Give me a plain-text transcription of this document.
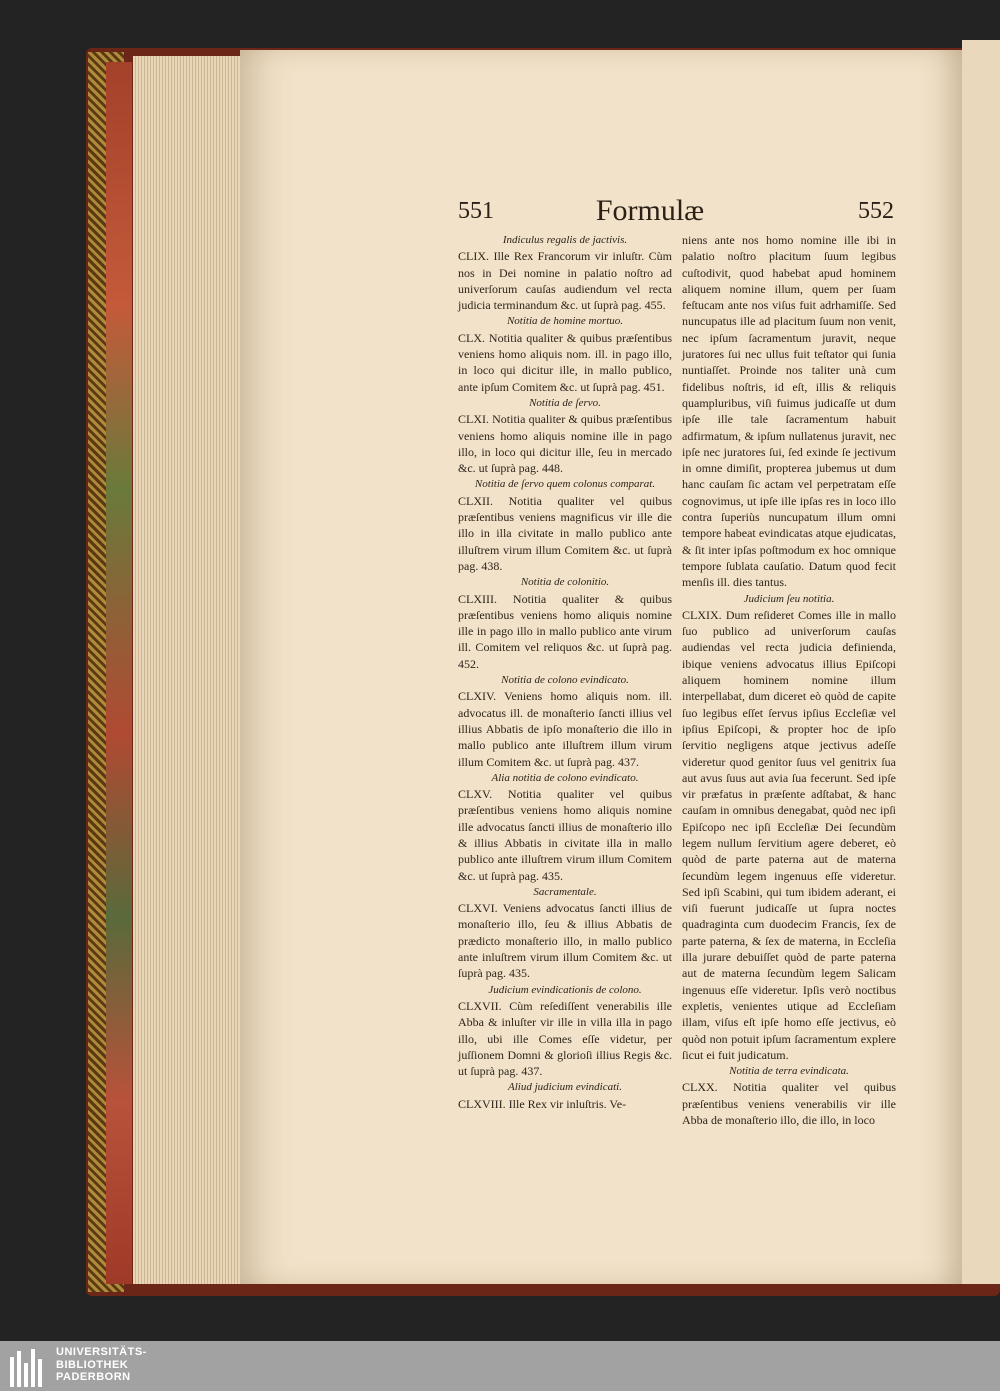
551	Formulæ	552

Indiculus regalis de jactivis.

CLIX. Ille Rex Francorum vir inluſtr. Cùm nos in Dei nomine in palatio noſtro ad univerſorum cauſas audiendum vel recta judicia terminandum &c. ut ſuprà pag. 455.

Notitia de homine mortuo.

CLX. Notitia qualiter & quibus præſentibus veniens homo aliquis nom. ill. in pago illo, in loco qui dicitur ille, in mallo publico, ante ipſum Comitem &c. ut ſuprà pag. 451.

Notitia de ſervo.

CLXI. Notitia qualiter & quibus præſentibus veniens homo aliquis nomine ille in pago illo, in loco qui dicitur ille, ſeu in mercado &c. ut ſuprà pag. 448.

Notitia de ſervo quem colonus comparat.

CLXII. Notitia qualiter vel quibus præſentibus veniens magnificus vir ille die illo in illa civitate in mallo publico ante illuſtrem virum illum Comitem &c. ut ſuprà pag. 438.

Notitia de colonitio.

CLXIII. Notitia qualiter & quibus præſentibus veniens homo aliquis nomine ille in pago illo in mallo publico ante virum ill. Comitem vel reliquos &c. ut ſuprà pag. 452.

Notitia de colono evindicato.

CLXIV. Veniens homo aliquis nom. ill. advocatus ill. de monaſterio ſancti illius vel illius Abbatis de ipſo monaſterio die illo in mallo publico ante illuſtrem illum virum illum Comitem &c. ut ſuprà pag. 437.

Alia notitia de colono evindicato.

CLXV. Notitia qualiter vel quibus præſentibus veniens homo aliquis nomine ille advocatus ſancti illius de monaſterio illo & illius Abbatis in civitate illa in mallo publico ante illuſtrem virum illum Comitem &c. ut ſuprà pag. 435.

Sacramentale.

CLXVI. Veniens advocatus ſancti illius de monaſterio illo, ſeu & illius Abbatis de prædicto monaſterio illo, in mallo publico ante inluſtrem virum illum Comitem &c. ut ſuprà pag. 435.

Judicium evindicationis de colono.

CLXVII. Cùm reſediſſent venerabilis ille Abba & inluſter vir ille in villa illa in pago illo, ubi ille Comes eſſe videtur, per juſſionem Domni & glorioſi illius Regis &c. ut ſuprà pag. 437.

Aliud judicium evindicati.

CLXVIII. Ille Rex vir inluſtris. Ve-

niens ante nos homo nomine ille ibi in palatio noſtro placitum ſuum legibus cuſtodivit, quod habebat apud hominem aliquem nomine illum, quem per ſuam feſtucam ante nos viſus fuit adrhamiſſe. Sed nuncupatus ille ad placitum ſuum non venit, nec ipſum ſacramentum juravit, neque juratores ſui nec ullus fuit teſtator qui ſunia nuntiaſſet. Proinde nos taliter unà cum fidelibus noſtris, id eſt, illis & reliquis quampluribus, viſi fuimus judicaſſe ut dum ipſe ille tale ſacramentum habuit adfirmatum, & ipſum nullatenus juravit, nec ipſe nec juratores ſui, ſed exinde ſe jectivum in omne dimiſit, propterea jubemus ut dum hanc cauſam ſic actam vel perpetratam eſſe cognovimus, ut ipſe ille ipſas res in loco illo contra ſuperiùs nuncupatum illum omni tempore habeat evindicatas atque ejudicatas, & ſit inter ipſas poſtmodum ex hoc omnique tempore ſublata cauſatio. Datum quod fecit menſis ill. dies tantus.

Judicium ſeu notitia.

CLXIX. Dum reſideret Comes ille in mallo ſuo publico ad univerſorum cauſas audiendas vel recta judicia definienda, ibique veniens advocatus illius Epiſcopi aliquem hominem nomine illum interpellabat, dum diceret eò quòd de capite ſuo legibus eſſet ſervus ipſius Eccleſiæ vel ipſius Epiſcopi, & propter hoc de ipſo ſervitio negligens atque jectivus adeſſe videretur quod genitor ſuus vel genitrix ſua aut avus ſuus aut avia ſua fecerunt. Sed ipſe vir præfatus in præſente adſtabat, & hanc cauſam in omnibus denegabat, quòd nec ipſi Epiſcopo nec ipſi Eccleſiæ Dei ſecundùm legem nullum ſervitium agere deberet, eò quòd de parte paterna aut de materna ſecundùm legem ingenuus eſſe videretur. Sed ipſi Scabini, qui tum ibidem aderant, ei viſi fuerunt judicaſſe ut ſupra noctes quadraginta cum duodecim Francis, ſex de parte paterna, & ſex de materna, in Eccleſia illa jurare debuiſſet quòd de parte paterna aut de materna ſecundùm legem Salicam ingenuus eſſe videretur. Ipſis verò noctibus expletis, venientes utique ad Eccleſiam illam, viſus eſt ipſe homo eſſe jectivus, eò quòd non potuit ipſum ſacramentum explere ſicut ei fuit judicatum.

Notitia de terra evindicata.

CLXX. Notitia qualiter vel quibus præſentibus veniens venerabilis vir ille Abba de monaſterio illo, die illo, in loco

UNIVERSITÄTS-
BIBLIOTHEK
PADERBORN
